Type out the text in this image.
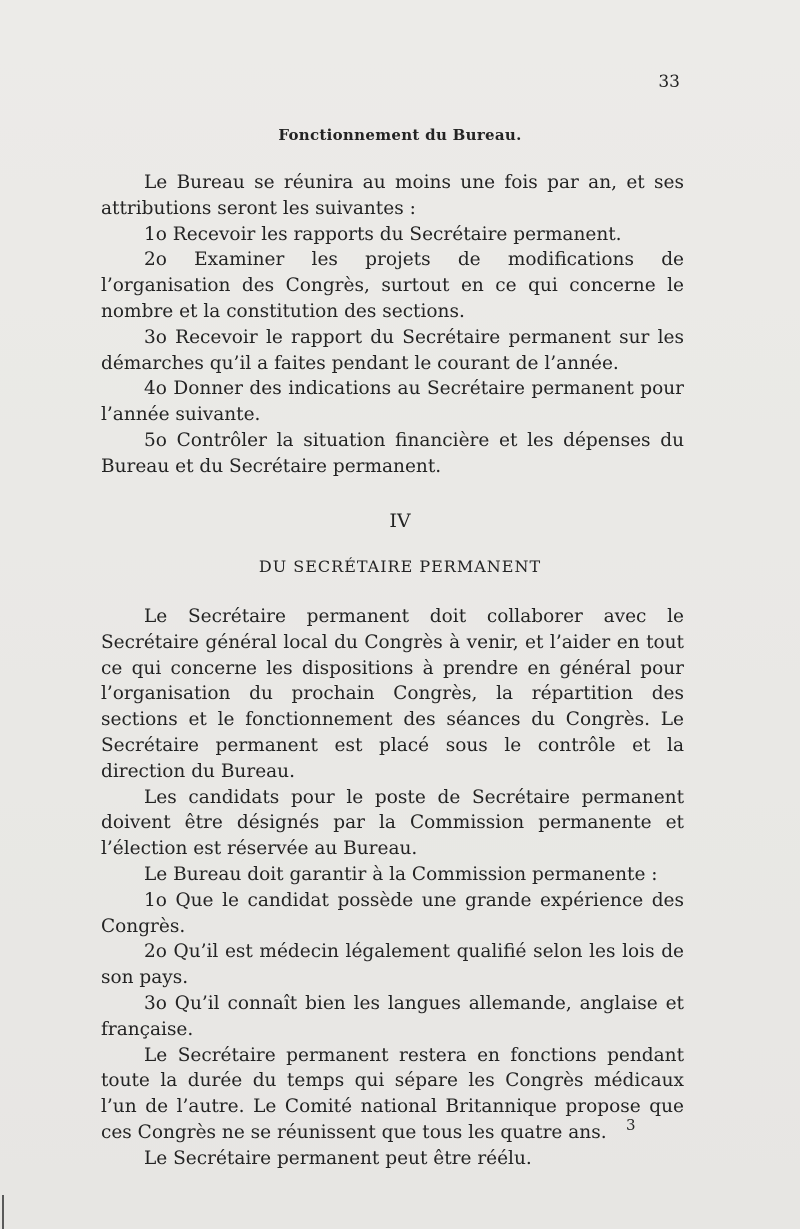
33
Fonctionnement du Bureau.

Le Bureau se réunira au moins une fois par an, et ses attributions seront les suivantes :

1o Recevoir les rapports du Secrétaire permanent.

2o Examiner les projets de modifications de l’organisation des Congrès, surtout en ce qui concerne le nombre et la constitution des sections.

3o Recevoir le rapport du Secrétaire permanent sur les démarches qu’il a faites pendant le courant de l’année.

4o Donner des indications au Secrétaire permanent pour l’année suivante.

5o Contrôler la situation financière et les dépenses du Bureau et du Secrétaire permanent.

IV
DU SECRÉTAIRE PERMANENT

Le Secrétaire permanent doit collaborer avec le Secrétaire général local du Congrès à venir, et l’aider en tout ce qui concerne les dispositions à prendre en général pour l’organisation du prochain Congrès, la répartition des sections et le fonctionnement des séances du Congrès. Le Secrétaire permanent est placé sous le contrôle et la direction du Bureau.

Les candidats pour le poste de Secrétaire permanent doivent être désignés par la Commission permanente et l’élection est réservée au Bureau.

Le Bureau doit garantir à la Commission permanente :

1o Que le candidat possède une grande expérience des Congrès.

2o Qu’il est médecin légalement qualifié selon les lois de son pays.

3o Qu’il connaît bien les langues allemande, anglaise et française.

Le Secrétaire permanent restera en fonctions pendant toute la durée du temps qui sépare les Congrès médicaux l’un de l’autre. Le Comité national Britannique propose que ces Congrès ne se réunissent que tous les quatre ans.

Le Secrétaire permanent peut être réélu.

3
